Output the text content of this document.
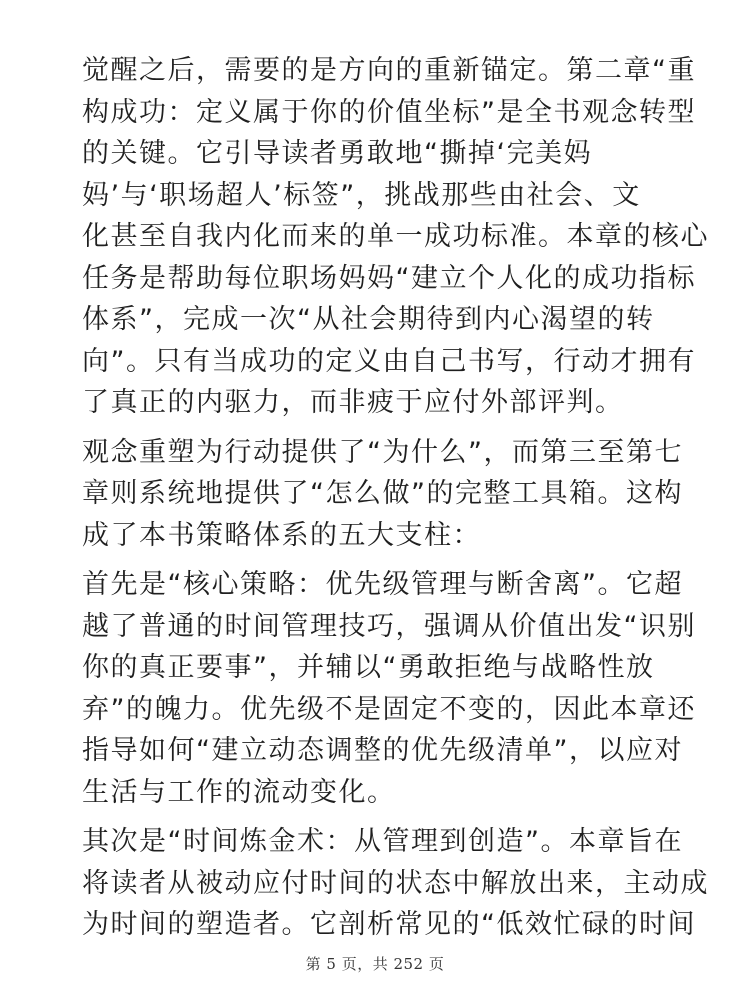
觉醒之后，需要的是方向的重新锚定。第二章“重
构成功：定义属于你的价值坐标”是全书观念转型
的关键。它引导读者勇敢地“撕掉‘完美妈
妈’与‘职场超人’标签”，挑战那些由社会、文
化甚至自我内化而来的单一成功标准。本章的核心
任务是帮助每位职场妈妈“建立个人化的成功指标
体系”，完成一次“从社会期待到内心渴望的转
向”。只有当成功的定义由自己书写，行动才拥有
了真正的内驱力，而非疲于应付外部评判。
观念重塑为行动提供了“为什么”，而第三至第七
章则系统地提供了“怎么做”的完整工具箱。这构
成了本书策略体系的五大支柱：
首先是“核心策略：优先级管理与断舍离”。它超
越了普通的时间管理技巧，强调从价值出发“识别
你的真正要事”，并辅以“勇敢拒绝与战略性放
弃”的魄力。优先级不是固定不变的，因此本章还
指导如何“建立动态调整的优先级清单”，以应对
生活与工作的流动变化。
其次是“时间炼金术：从管理到创造”。本章旨在
将读者从被动应付时间的状态中解放出来，主动成
为时间的塑造者。它剖析常见的“低效忙碌的时间
第 5 页，共 252 页
